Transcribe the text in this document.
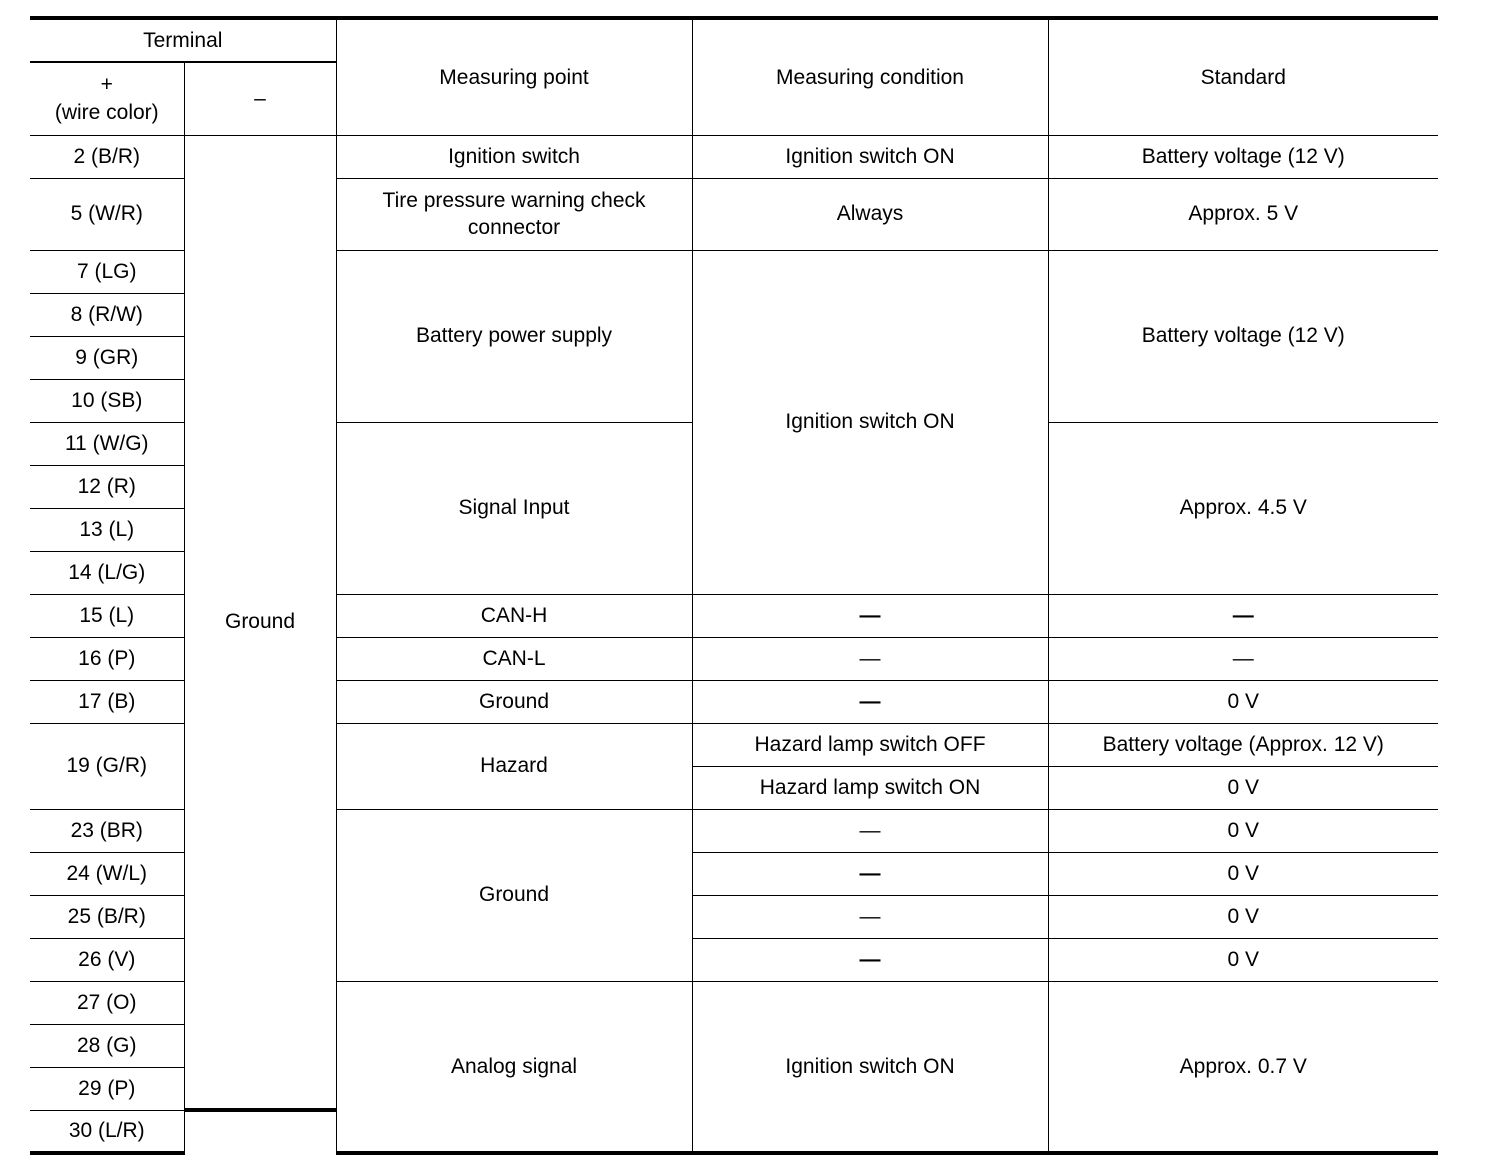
Terminal		Measuring point	Measuring condition	Standard

+
(wire color)	–			
2 (B/R)	Ground	Ignition switch	Ignition switch ON	Battery voltage (12 V)
5 (W/R)		Tire pressure warning check connector	Always	Approx. 5 V
7 (LG)		Battery power supply	Ignition switch ON	Battery voltage (12 V)
8 (R/W)				
9 (GR)				
10 (SB)				
11 (W/G)		Signal Input		Approx. 4.5 V
12 (R)				
13 (L)				
14 (L/G)				
15 (L)		CAN-H	—	—
16 (P)		CAN-L	—	—
17 (B)		Ground	—	0 V
19 (G/R)		Hazard	Hazard lamp switch OFF	Battery voltage (Approx. 12 V)
			Hazard lamp switch ON	0 V
23 (BR)		Ground	—	0 V
24 (W/L)			—	0 V
25 (B/R)			—	0 V
26 (V)			—	0 V
27 (O)		Analog signal	Ignition switch ON	Approx. 0.7 V
28 (G)				
29 (P)				
30 (L/R)				
